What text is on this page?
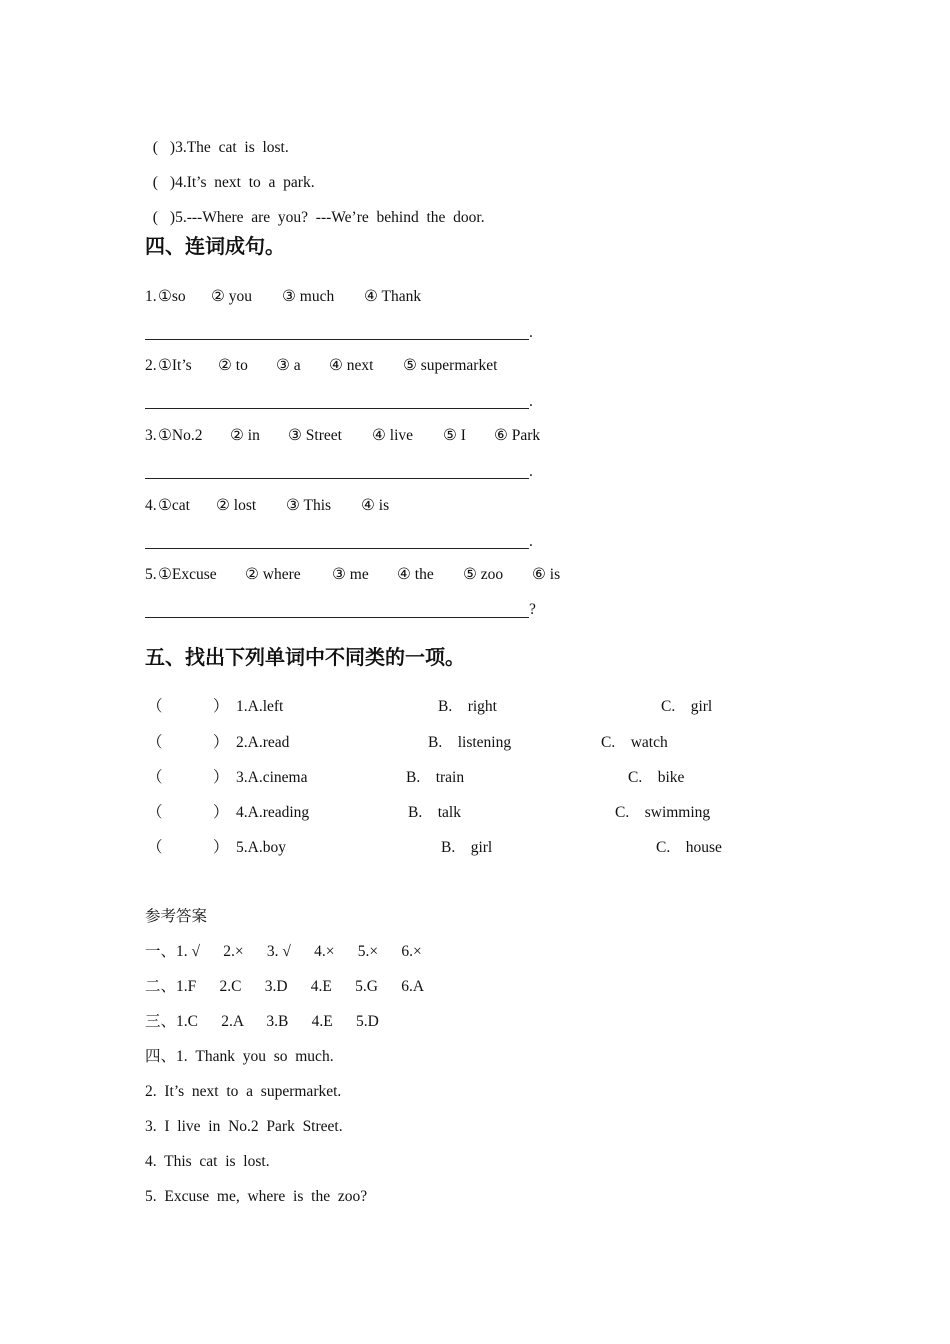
( )3.The  cat  is  lost.

( )4.It’s  next  to  a  park.

( )5.---Where  are  you?  ---We’re  behind  the  door.

四、连词成句。
1. ①so ② you ③ much ④ Thank
.
2. ①It’s ② to ③ a ④ next ⑤ supermarket
.
3. ①No.2 ② in ③ Street ④ live ⑤ I ⑥ Park
.
4. ①cat ② lost ③ This ④ is
.
5. ①Excuse ② where ③ me ④ the ⑤ zoo ⑥ is
?
五、找出下列单词中不同类的一项。
（	） 1.A.left	B.    right	C.    girl
（	） 2.A.read	B.    listening	C.    watch
（	） 3.A.cinema	B.    train	C.    bike
（	） 4.A.reading	B.    talk	C.    swimming
（	） 5.A.boy	B.    girl	C.    house
参考答案
一、1. √      2.×      3. √      4.×      5.×      6.×
二、1.F      2.C      3.D      4.E      5.G      6.A
三、1.C      2.A      3.B      4.E      5.D
四、1.  Thank  you  so  much.
2.  It’s  next  to  a  supermarket.
3.  I  live  in  No.2  Park  Street.
4.  This  cat  is  lost.
5.  Excuse  me,  where  is  the  zoo?
